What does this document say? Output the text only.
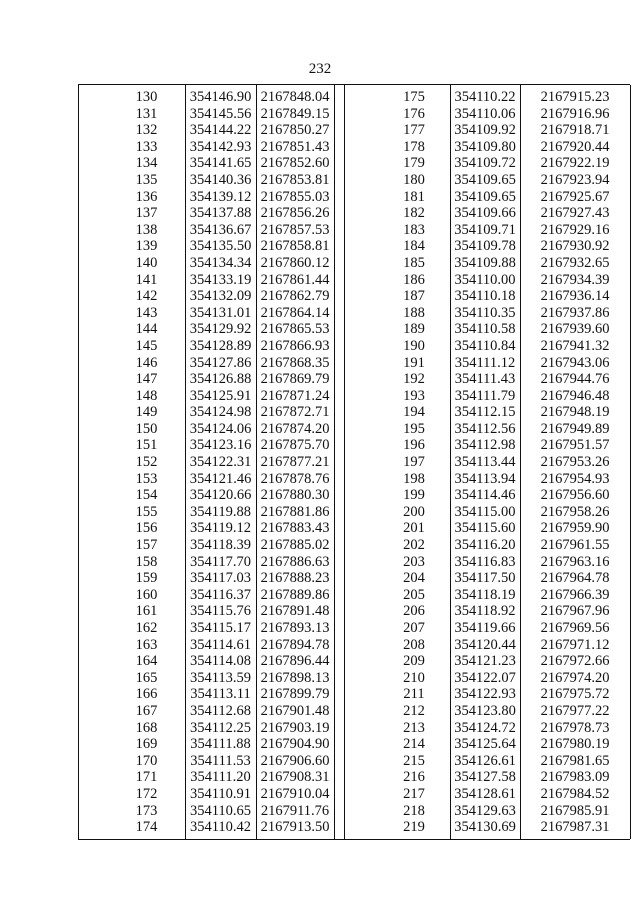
232
130	354146.90 2167848.04	175	354110.22	2167915.23
131	354145.56 2167849.15	176	354110.06	2167916.96
132	354144.22 2167850.27	177	354109.92	2167918.71
133	354142.93 2167851.43	178	354109.80	2167920.44
134	354141.65 2167852.60	179	354109.72	2167922.19
135	354140.36 2167853.81	180	354109.65	2167923.94
136	354139.12 2167855.03	181	354109.65	2167925.67
137	354137.88 2167856.26	182	354109.66	2167927.43
138	354136.67 2167857.53	183	354109.71	2167929.16
139	354135.50 2167858.81	184	354109.78	2167930.92
140	354134.34 2167860.12	185	354109.88	2167932.65
141	354133.19 2167861.44	186	354110.00	2167934.39
142	354132.09 2167862.79	187	354110.18	2167936.14
143	354131.01 2167864.14	188	354110.35	2167937.86
144	354129.92 2167865.53	189	354110.58	2167939.60
145	354128.89 2167866.93	190	354110.84	2167941.32
146	354127.86 2167868.35	191	354111.12	2167943.06
147	354126.88 2167869.79	192	354111.43	2167944.76
148	354125.91 2167871.24	193	354111.79	2167946.48
149	354124.98 2167872.71	194	354112.15	2167948.19
150	354124.06 2167874.20	195	354112.56	2167949.89
151	354123.16 2167875.70	196	354112.98	2167951.57
152	354122.31 2167877.21	197	354113.44	2167953.26
153	354121.46 2167878.76	198	354113.94	2167954.93
154	354120.66 2167880.30	199	354114.46	2167956.60
155	354119.88 2167881.86	200	354115.00	2167958.26
156	354119.12 2167883.43	201	354115.60	2167959.90
157	354118.39 2167885.02	202	354116.20	2167961.55
158	354117.70 2167886.63	203	354116.83	2167963.16
159	354117.03 2167888.23	204	354117.50	2167964.78
160	354116.37 2167889.86	205	354118.19	2167966.39
161	354115.76 2167891.48	206	354118.92	2167967.96
162	354115.17 2167893.13	207	354119.66	2167969.56
163	354114.61 2167894.78	208	354120.44	2167971.12
164	354114.08 2167896.44	209	354121.23	2167972.66
165	354113.59 2167898.13	210	354122.07	2167974.20
166	354113.11 2167899.79	211	354122.93	2167975.72
167	354112.68 2167901.48	212	354123.80	2167977.22
168	354112.25 2167903.19	213	354124.72	2167978.73
169	354111.88 2167904.90	214	354125.64	2167980.19
170	354111.53 2167906.60	215	354126.61	2167981.65
171	354111.20 2167908.31	216	354127.58	2167983.09
172	354110.91 2167910.04	217	354128.61	2167984.52
173	354110.65 2167911.76	218	354129.63	2167985.91
174	354110.42 2167913.50	219	354130.69	2167987.31
